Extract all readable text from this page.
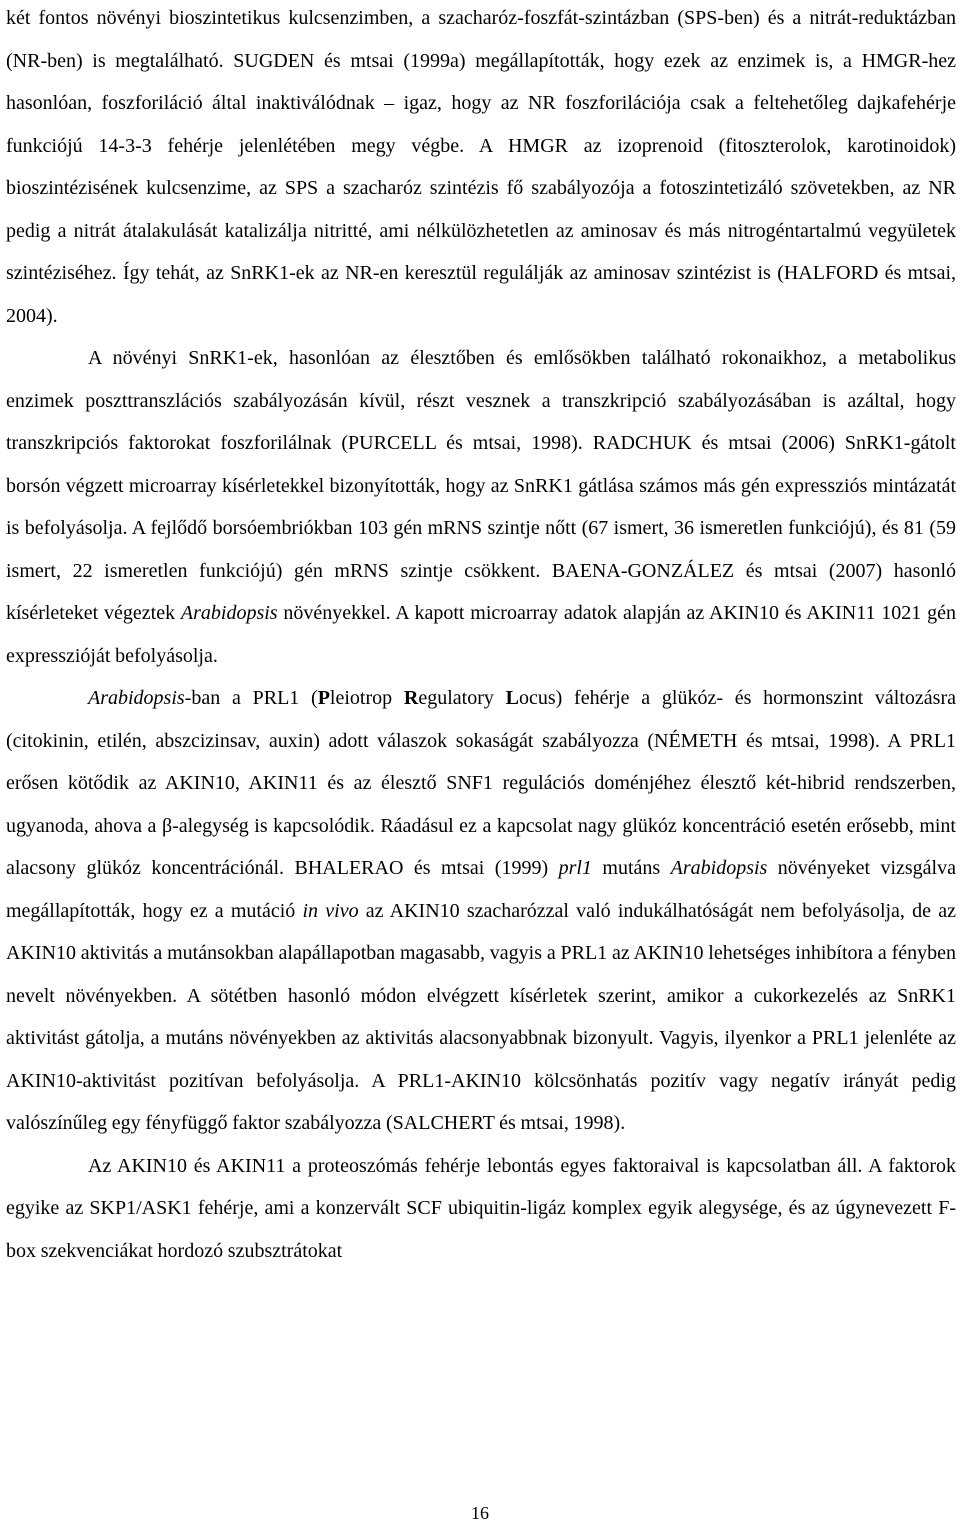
két fontos növényi bioszintetikus kulcsenzimben, a szacharóz-foszfát-szintázban (SPS-ben) és a nitrát-reduktázban (NR-ben) is megtalálható. SUGDEN és mtsai (1999a) megállapították, hogy ezek az enzimek is, a HMGR-hez hasonlóan, foszforiláció által inaktiválódnak – igaz, hogy az NR foszforilációja csak a feltehetőleg dajkafehérje funkciójú 14-3-3 fehérje jelenlétében megy végbe. A HMGR az izoprenoid (fitoszterolok, karotinoidok) bioszintézisének kulcsenzime, az SPS a szacharóz szintézis fő szabályozója a fotoszintetizáló szövetekben, az NR pedig a nitrát átalakulását katalizálja nitritté, ami nélkülözhetetlen az aminosav és más nitrogéntartalmú vegyületek szintéziséhez. Így tehát, az SnRK1-ek az NR-en keresztül regulálják az aminosav szintézist is (HALFORD és mtsai, 2004).

A növényi SnRK1-ek, hasonlóan az élesztőben és emlősökben található rokonaikhoz, a metabolikus enzimek poszttranszlációs szabályozásán kívül, részt vesznek a transzkripció szabályozásában is azáltal, hogy transzkripciós faktorokat foszforilálnak (PURCELL és mtsai, 1998). RADCHUK és mtsai (2006) SnRK1-gátolt borsón végzett microarray kísérletekkel bizonyították, hogy az SnRK1 gátlása számos más gén expressziós mintázatát is befolyásolja. A fejlődő borsóembriókban 103 gén mRNS szintje nőtt (67 ismert, 36 ismeretlen funkciójú), és 81 (59 ismert, 22 ismeretlen funkciójú) gén mRNS szintje csökkent. BAENA-GONZÁLEZ és mtsai (2007) hasonló kísérleteket végeztek Arabidopsis növényekkel. A kapott microarray adatok alapján az AKIN10 és AKIN11 1021 gén expresszióját befolyásolja.

Arabidopsis-ban a PRL1 (Pleiotrop Regulatory Locus) fehérje a glükóz- és hormonszint változásra (citokinin, etilén, abszcizinsav, auxin) adott válaszok sokaságát szabályozza (NÉMETH és mtsai, 1998). A PRL1 erősen kötődik az AKIN10, AKIN11 és az élesztő SNF1 regulációs doménjéhez élesztő két-hibrid rendszerben, ugyanoda, ahova a β-alegység is kapcsolódik. Ráadásul ez a kapcsolat nagy glükóz koncentráció esetén erősebb, mint alacsony glükóz koncentrációnál. BHALERAO és mtsai (1999) prl1 mutáns Arabidopsis növényeket vizsgálva megállapították, hogy ez a mutáció in vivo az AKIN10 szacharózzal való indukálhatóságát nem befolyásolja, de az AKIN10 aktivitás a mutánsokban alapállapotban magasabb, vagyis a PRL1 az AKIN10 lehetséges inhibítora a fényben nevelt növényekben. A sötétben hasonló módon elvégzett kísérletek szerint, amikor a cukorkezelés az SnRK1 aktivitást gátolja, a mutáns növényekben az aktivitás alacsonyabbnak bizonyult. Vagyis, ilyenkor a PRL1 jelenléte az AKIN10-aktivitást pozitívan befolyásolja. A PRL1-AKIN10 kölcsönhatás pozitív vagy negatív irányát pedig valószínűleg egy fényfüggő faktor szabályozza (SALCHERT és mtsai, 1998).

Az AKIN10 és AKIN11 a proteoszómás fehérje lebontás egyes faktoraival is kapcsolatban áll. A faktorok egyike az SKP1/ASK1 fehérje, ami a konzervált SCF ubiquitin-ligáz komplex egyik alegysége, és az úgynevezett F-box szekvenciákat hordozó szubsztrátokat

16
